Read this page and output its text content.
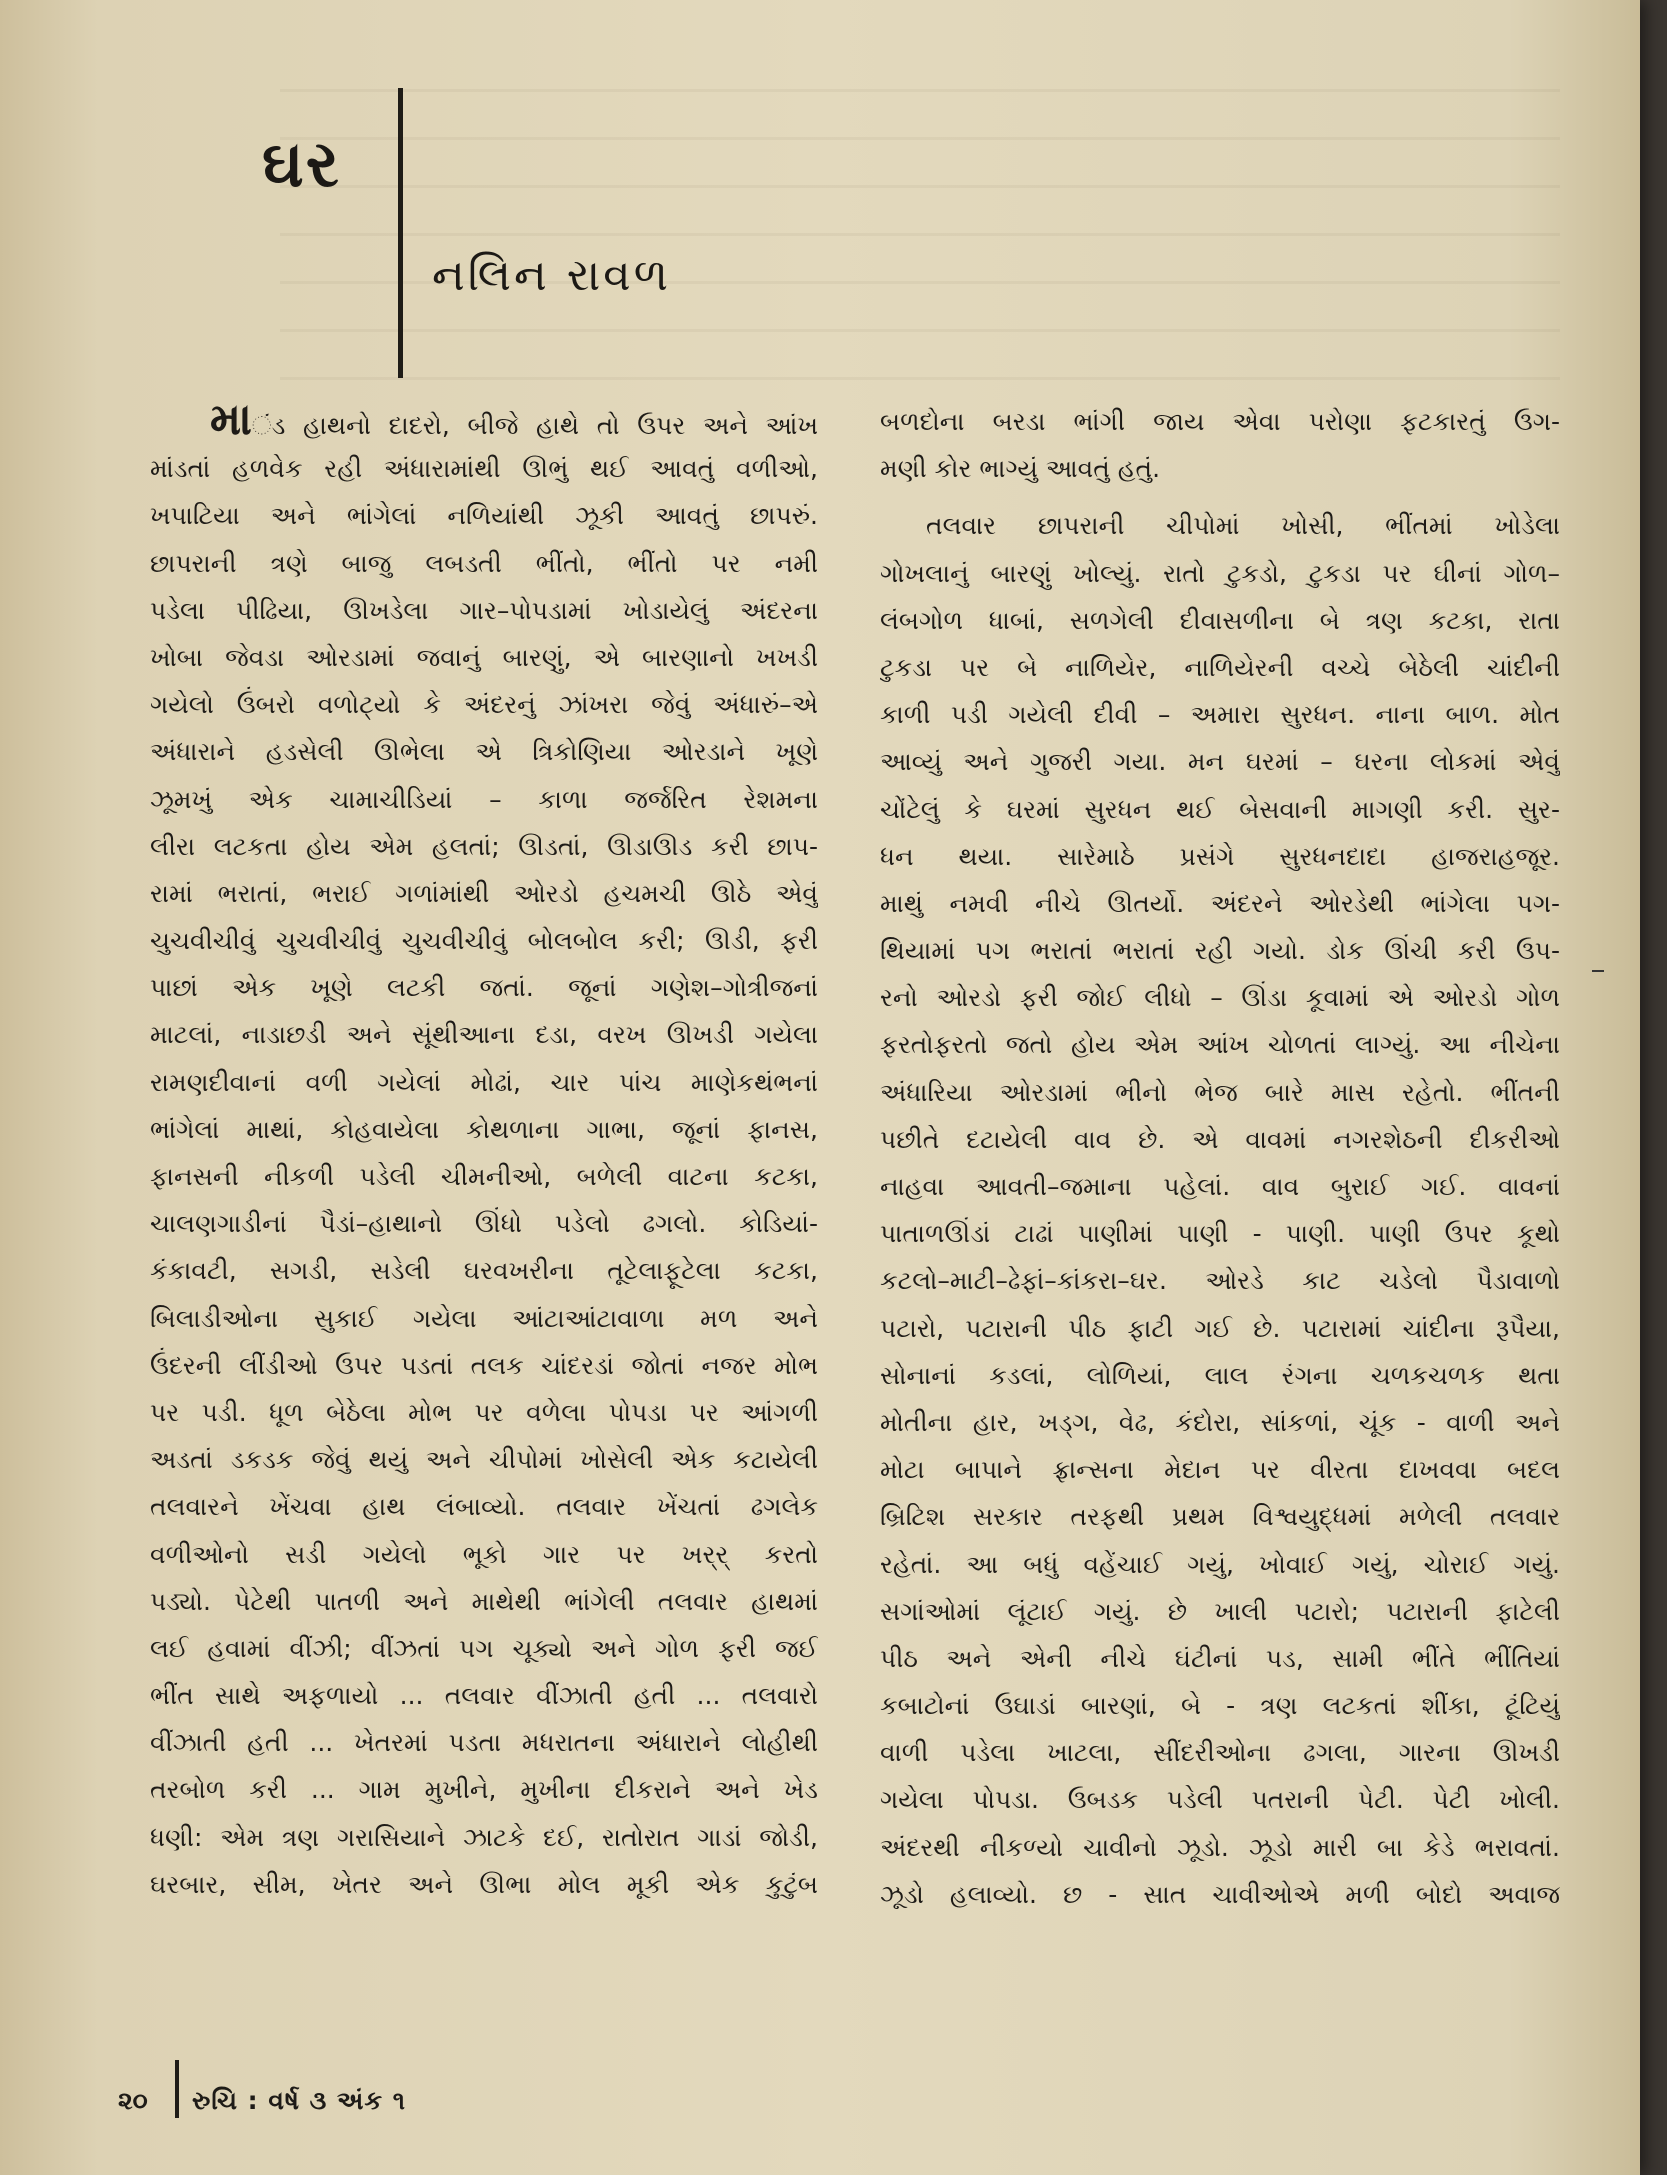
ઘર
નલિન રાવળ
માંડ હાથનો દાદરો, બીજે હાથે તો ઉપર અને આંખ
માંડતાં હળવેક રહી અંધારામાંથી ઊભું થઈ આવતું વળીઓ,
ખપાટિયા અને ભાંગેલાં નળિયાંથી ઝૂકી આવતું છાપરું.
છાપરાની ત્રણે બાજુ લબડતી ભીંતો, ભીંતો પર નમી
પડેલા પીઢિયા, ઊખડેલા ગાર–પોપડામાં ખોડાયેલું અંદરના
ખોબા જેવડા ઓરડામાં જવાનું બારણું, એ બારણાનો ખખડી
ગયેલો ઉંબરો વળોટ્યો કે અંદરનું ઝાંખરા જેવું અંધારું–એ
અંધારાને હડસેલી ઊભેલા એ ત્રિકોણિયા ઓરડાને ખૂણે
ઝૂમખું એક ચામાચીડિયાં – કાળા જર્જરિત રેશમના
લીરા લટકતા હોય એમ હલતાં; ઊડતાં, ઊડાઊડ કરી છાપ-
રામાં ભરાતાં, ભરાઈ ગળાંમાંથી ઓરડો હચમચી ઊઠે એવું
ચુચવીચીવું ચુચવીચીવું ચુચવીચીવું બોલબોલ કરી; ઊડી, ફરી
પાછાં એક ખૂણે લટકી જતાં. જૂનાં ગણેશ–ગોત્રીજનાં
માટલાં, નાડાછડી અને સૂંથીઆના દડા, વરખ ઊખડી ગયેલા
રામણદીવાનાં વળી ગયેલાં મોઢાં, ચાર પાંચ માણેકથંભનાં
ભાંગેલાં માથાં, કોહવાયેલા કોથળાના ગાભા, જૂનાં ફાનસ,
ફાનસની નીકળી પડેલી ચીમનીઓ, બળેલી વાટના કટકા,
ચાલણગાડીનાં પૈડાં–હાથાનો ઊંધો પડેલો ઢગલો. કોડિયાં-
કંકાવટી, સગડી, સડેલી ઘરવખરીના તૂટેલાફૂટેલા કટકા,
બિલાડીઓના સુકાઈ ગયેલા આંટાઆંટાવાળા મળ અને
ઉંદરની લીંડીઓ ઉપર પડતાં તલક ચાંદરડાં જોતાં નજર મોભ
પર પડી. ધૂળ બેઠેલા મોભ પર વળેલા પોપડા પર આંગળી
અડતાં ડકડક જેવું થયું અને ચીપોમાં ખોસેલી એક કટાયેલી
તલવારને ખેંચવા હાથ લંબાવ્યો. તલવાર ખેંચતાં ઢગલેક
વળીઓનો સડી ગયેલો ભૂકો ગાર પર ખર્‌ર્‌ કરતો
પડ્યો. પેટેથી પાતળી અને માથેથી ભાંગેલી તલવાર હાથમાં
લઈ હવામાં વીંઝી; વીંઝતાં પગ ચૂક્યો અને ગોળ ફરી જઈ
ભીંત સાથે અફળાયો ... તલવાર વીંઝાતી હતી ... તલવારો
વીંઝાતી હતી ... ખેતરમાં પડતા મધરાતના અંધારાને લોહીથી
તરબોળ કરી ... ગામ મુખીને, મુખીના દીકરાને અને ખેડ
ધણી: એમ ત્રણ ગરાસિયાને ઝાટકે દઈ, રાતોરાત ગાડાં જોડી,
ઘરબાર, સીમ, ખેતર અને ઊભા મોલ મૂકી એક કુટુંબ
બળદોના બરડા ભાંગી જાય એવા પરોણા ફટકારતું ઉગ-
મણી કોર ભાગ્યું આવતું હતું.
તલવાર છાપરાની ચીપોમાં ખોસી, ભીંતમાં ખોડેલા
ગોખલાનું બારણું ખોલ્યું. રાતો ટુકડો, ટુકડા પર ઘીનાં ગોળ–
લંબગોળ ધાબાં, સળગેલી દીવાસળીના બે ત્રણ કટકા, રાતા
ટુકડા પર બે નાળિયેર, નાળિયેરની વચ્ચે બેઠેલી ચાંદીની
કાળી પડી ગયેલી દીવી – અમારા સુરધન. નાના બાળ. મોત
આવ્યું અને ગુજરી ગયા. મન ઘરમાં – ઘરના લોકમાં એવું
ચોંટેલું કે ઘરમાં સુરધન થઈ બેસવાની માગણી કરી. સુર-
ધન થયા. સારેમાઠે પ્રસંગે સુરધનદાદા હાજરાહજૂર.
માથું નમવી નીચે ઊતર્યો. અંદરને ઓરડેથી ભાંગેલા પગ-
થિયામાં પગ ભરાતાં ભરાતાં રહી ગયો. ડોક ઊંચી કરી ઉપ-
રનો ઓરડો ફરી જોઈ લીધો – ઊંડા કૂવામાં એ ઓરડો ગોળ
ફરતોફરતો જતો હોય એમ આંખ ચોળતાં લાગ્યું. આ નીચેના
અંધારિયા ઓરડામાં ભીનો ભેજ બારે માસ રહેતો. ભીંતની
પછીતે દટાયેલી વાવ છે. એ વાવમાં નગરશેઠની દીકરીઓ
નાહવા આવતી–જમાના પહેલાં. વાવ બુરાઈ ગઈ. વાવનાં
પાતાળઊંડાં ટાઢાં પાણીમાં પાણી - પાણી. પાણી ઉપર કૂથો
કટલો–માટી–ઢેફાં–કાંકરા–ઘર. ઓરડે કાટ ચડેલો પૈડાવાળો
પટારો, પટારાની પીઠ ફાટી ગઈ છે. પટારામાં ચાંદીના રૂપૈયા,
સોનાનાં કડલાં, લોળિયાં, લાલ રંગના ચળકચળક થતા
મોતીના હાર, ખડ્‌ગ, વેઢ, કંદોરા, સાંકળાં, ચૂંક - વાળી અને
મોટા બાપાને ફ્રાન્સના મેદાન પર વીરતા દાખવવા બદલ
બ્રિટિશ સરકાર તરફથી પ્રથમ વિશ્વયુદ્ધમાં મળેલી તલવાર
રહેતાં. આ બધું વહેંચાઈ ગયું, ખોવાઈ ગયું, ચોરાઈ ગયું.
સગાંઓમાં લૂંટાઈ ગયું. છે ખાલી પટારો; પટારાની ફાટેલી
પીઠ અને એની નીચે ઘંટીનાં પડ, સામી ભીંતે ભીંતિયાં
કબાટોનાં ઉઘાડાં બારણાં, બે - ત્રણ લટકતાં શીંકા, ટૂંટિયું
વાળી પડેલા ખાટલા, સીંદરીઓના ઢગલા, ગારના ઊખડી
ગયેલા પોપડા. ઉબડક પડેલી પતરાની પેટી. પેટી ખોલી.
અંદરથી નીકળ્યો ચાવીનો ઝૂડો. ઝૂડો મારી બા કેડે ભરાવતાં.
ઝૂડો હલાવ્યો. છ - સાત ચાવીઓએ મળી બોદો અવાજ
૨૦ રુચિ : વર્ષ ૩ અંક ૧
